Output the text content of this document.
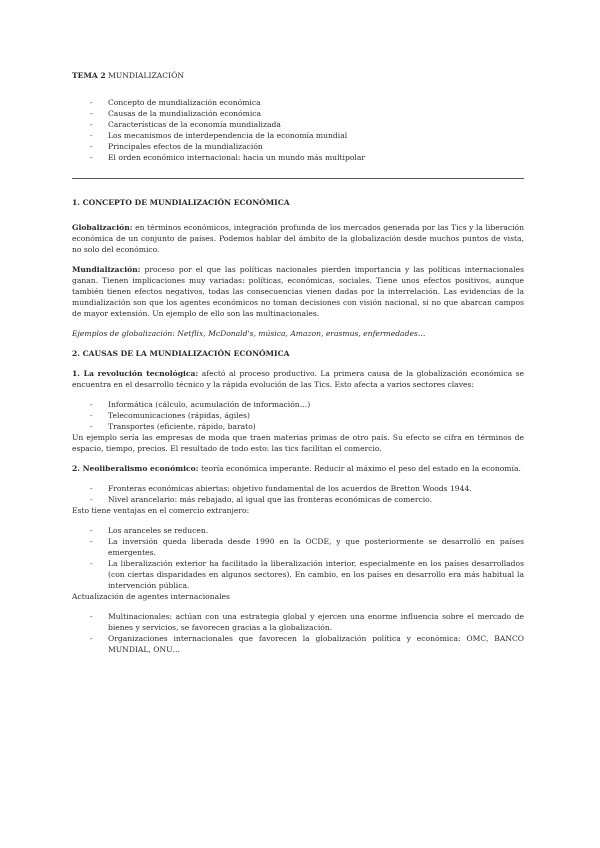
TEMA 2 MUNDIALIZACIÓN

- Concepto de mundialización económica
- Causas de la mundialización económica
- Características de la economía mundializada
- Los mecanismos de interdependencia de la economía mundial
- Principales efectos de la mundialización
- El orden económico internacional: hacia un mundo más multipolar

1. CONCEPTO DE MUNDIALIZACIÓN ECONÓMICA

Globalización: en términos económicos, integración profunda de los mercados generada por las Tics y la liberación económica de un conjunto de países. Podemos hablar del ámbito de la globalización desde muchos puntos de vista, no solo del económico.

Mundialización: proceso por el que las políticas nacionales pierden importancia y las políticas internacionales ganan. Tienen implicaciones muy variadas: políticas, económicas, sociales. Tiene unos efectos positivos, aunque también tienen efectos negativos, todas las consecuencias vienen dadas por la interrelación. Las evidencias de la mundialización son que los agentes económicos no toman decisiones con visión nacional, si no que abarcan campos de mayor extensión. Un ejemplo de ello son las multinacionales.

Ejemplos de globalización: Netflix, McDonald's, música, Amazon, erasmus, enfermedades…

2. CAUSAS DE LA MUNDIALIZACIÓN ECONÓMICA

1. La revolución tecnológica: afectó al proceso productivo. La primera causa de la globalización económica se encuentra en el desarrollo técnico y la rápida evolución de las Tics. Esto afecta a varios sectores claves:

- Informática (cálculo, acumulación de información…)
- Telecomunicaciones (rápidas, ágiles)
- Transportes (eficiente, rápido, barato)

Un ejemplo sería las empresas de moda que traen materias primas de otro país. Su efecto se cifra en términos de espacio, tiempo, precios. El resultado de todo esto: las tics facilitan el comercio.

2. Neoliberalismo económico: teoría económica imperante. Reducir al máximo el peso del estado en la economía.

- Fronteras económicas abiertas: objetivo fundamental de los acuerdos de Bretton Woods 1944.
- Nivel arancelario: más rebajado, al igual que las fronteras económicas de comercio.

Esto tiene ventajas en el comercio extranjero:

- Los aranceles se reducen.
- La inversión queda liberada desde 1990 en la OCDE, y que posteriormente se desarrolló en países emergentes.
- La liberalización exterior ha facilitado la liberalización interior, especialmente en los países desarrollados (con ciertas disparidades en algunos sectores). En cambio, en los países en desarrollo era más habitual la intervención pública.

Actualización de agentes internacionales

- Multinacionales: actúan con una estrategia global y ejercen una enorme influencia sobre el mercado de bienes y servicios, se favorecen gracias a la globalización.
- Organizaciones internacionales que favorecen la globalización política y económica: OMC, BANCO MUNDIAL, ONU…
